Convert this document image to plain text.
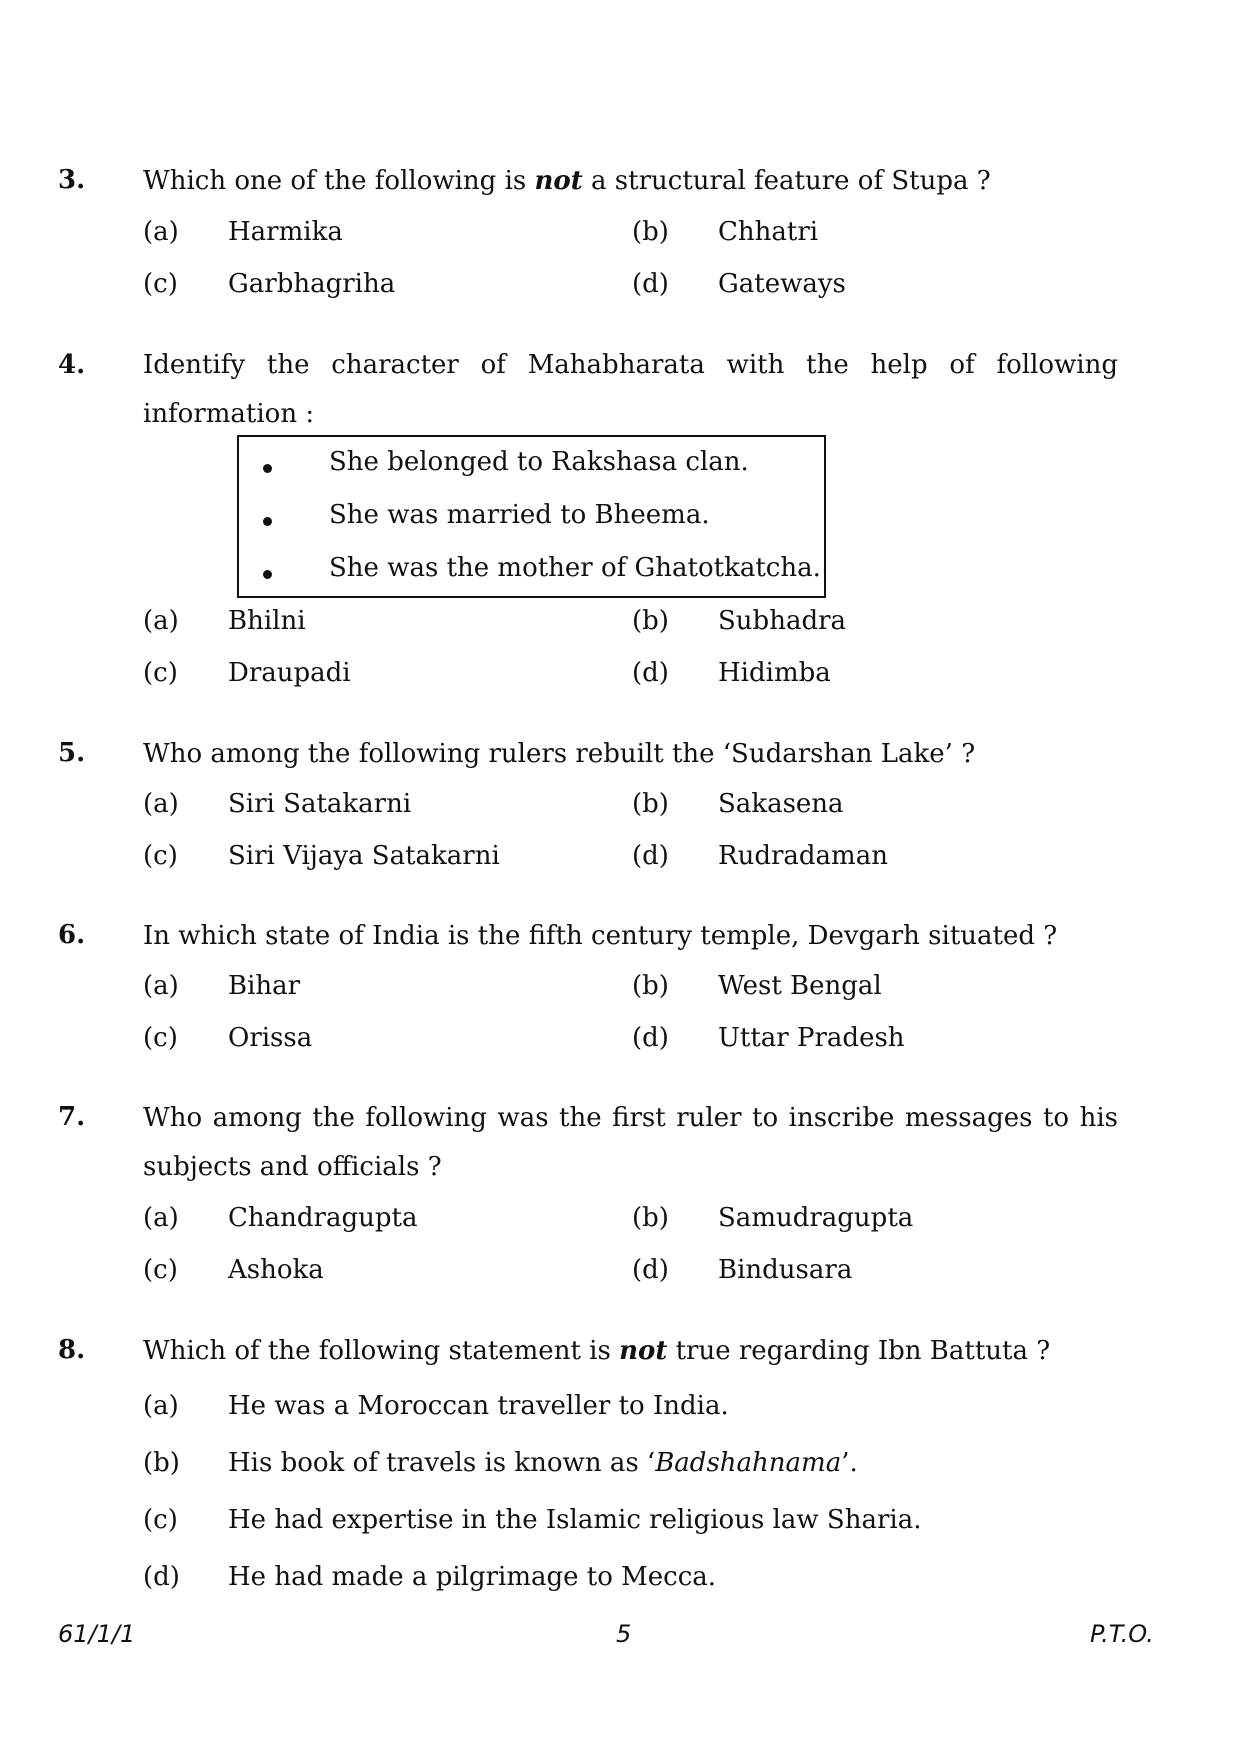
3. Which one of the following is not a structural feature of Stupa ?
(a) Harmika	(b) Chhatri
(c) Garbhagriha	(d) Gateways
4. Identify the character of Mahabharata with the help of following information :
She belonged to Rakshasa clan.
She was married to Bheema.
She was the mother of Ghatotkatcha.
(a) Bhilni	(b) Subhadra
(c) Draupadi	(d) Hidimba
5. Who among the following rulers rebuilt the ‘Sudarshan Lake’ ?
(a) Siri Satakarni	(b) Sakasena
(c) Siri Vijaya Satakarni	(d) Rudradaman
6. In which state of India is the fifth century temple, Devgarh situated ?
(a) Bihar	(b) West Bengal
(c) Orissa	(d) Uttar Pradesh
7. Who among the following was the first ruler to inscribe messages to his subjects and officials ?
(a) Chandragupta	(b) Samudragupta
(c) Ashoka	(d) Bindusara
8. Which of the following statement is not true regarding Ibn Battuta ?
(a) He was a Moroccan traveller to India.
(b) His book of travels is known as ‘Badshahnama’.
(c) He had expertise in the Islamic religious law Sharia.
(d) He had made a pilgrimage to Mecca.
61/1/1	5	P.T.O.
